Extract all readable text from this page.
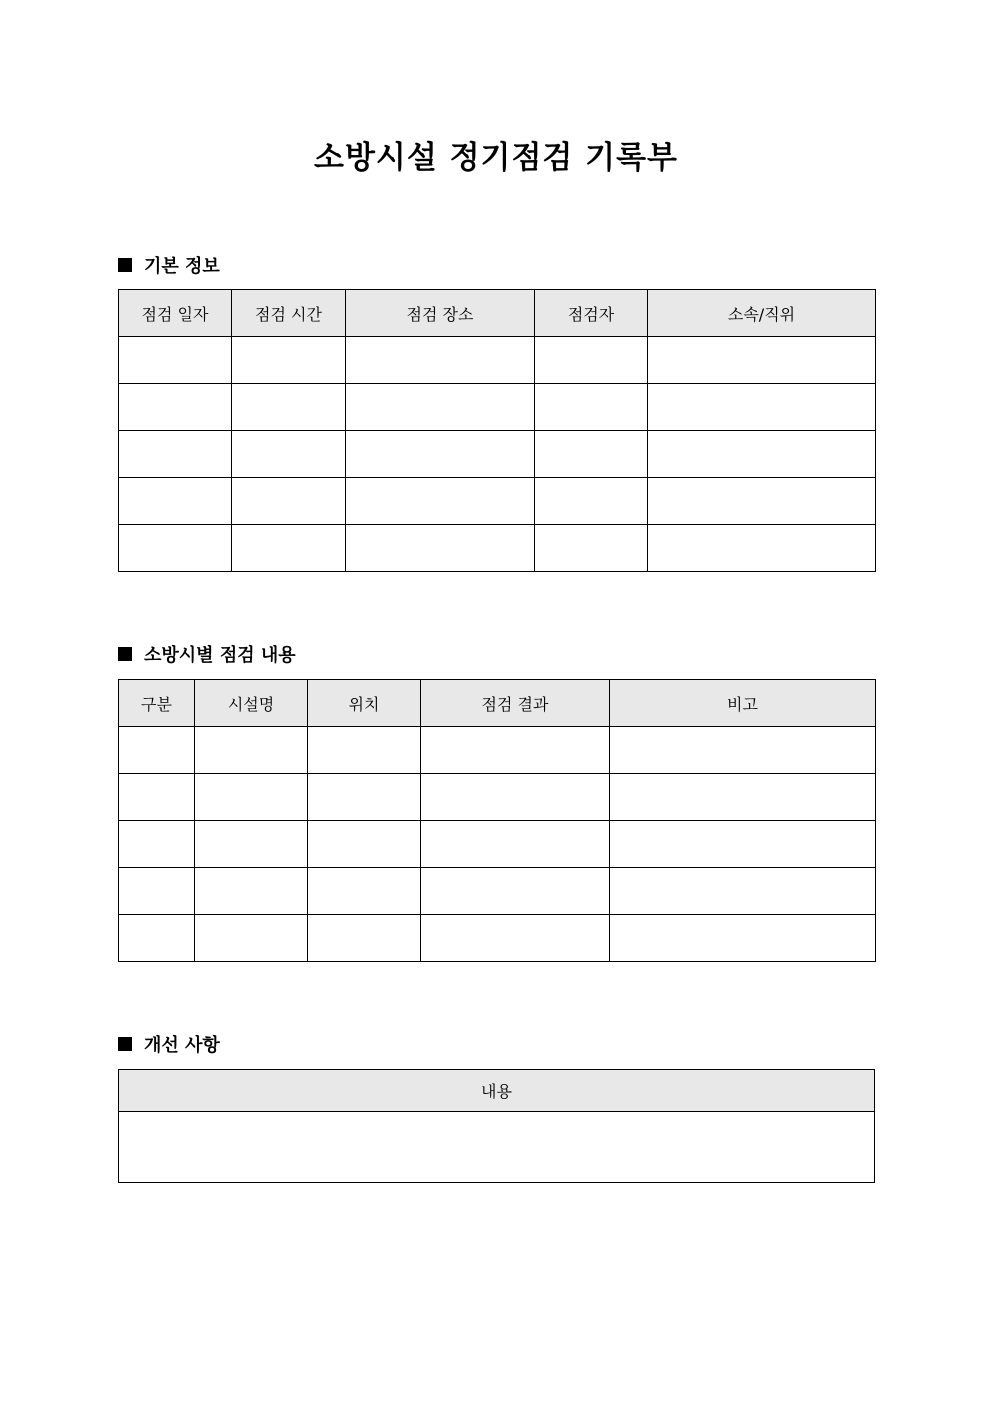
소방시설 정기점검 기록부
기본 정보
점검 일자	점검 시간	점검 장소	점검자	소속/직위

소방시별 점검 내용
구분	시설명	위치	점검 결과	비고

개선 사항
내용
